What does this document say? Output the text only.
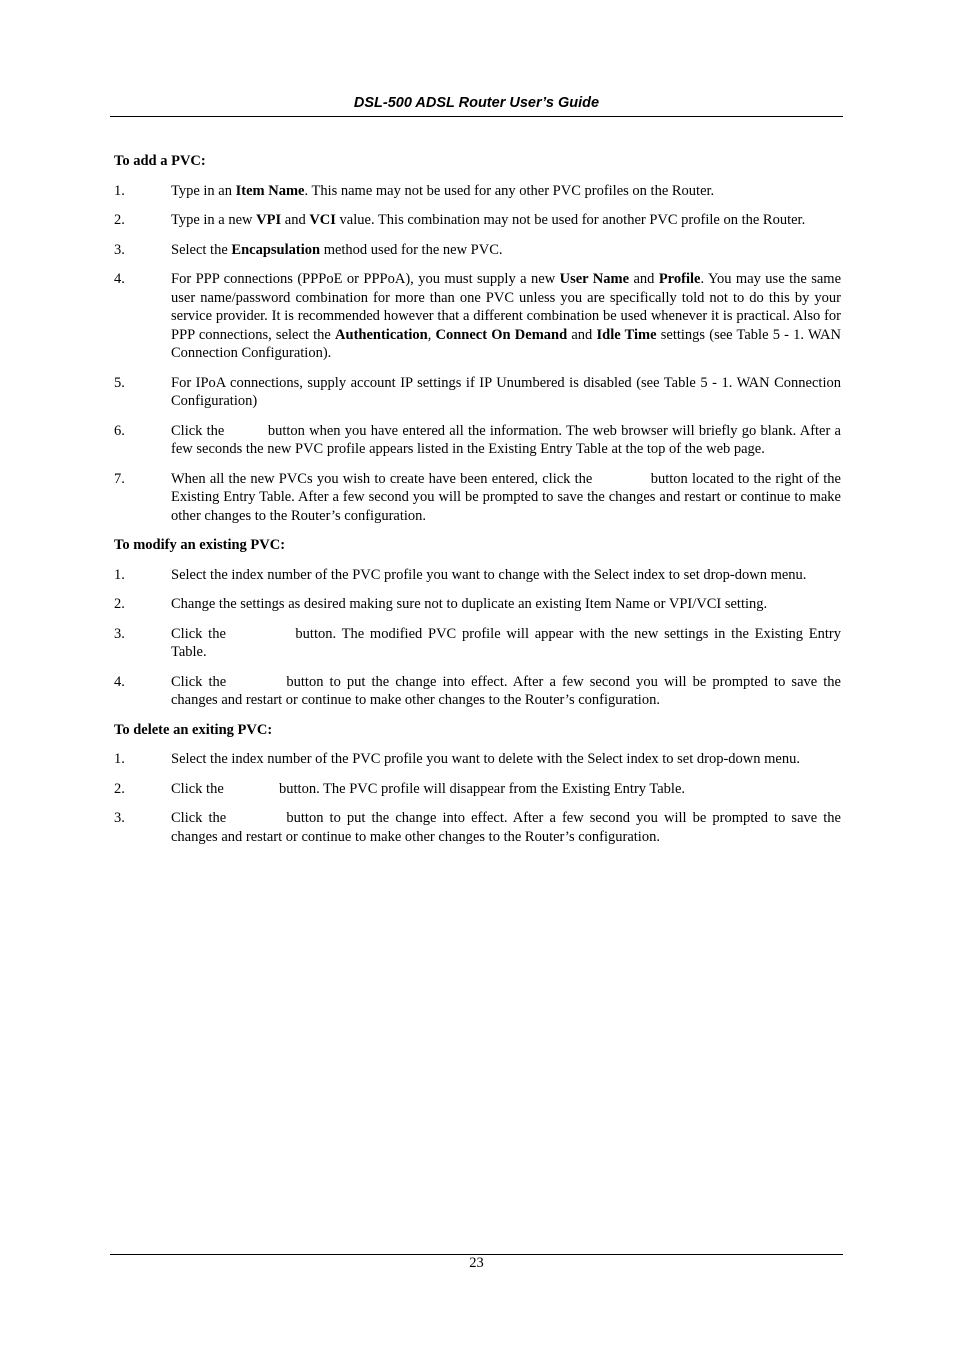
DSL-500 ADSL Router User’s Guide

To add a PVC:

1.	Type in an Item Name. This name may not be used for any other PVC profiles on the Router.
2.	Type in a new VPI and VCI value. This combination may not be used for another PVC profile on the Router.
3.	Select the Encapsulation method used for the new PVC.
4.	For PPP connections (PPPoE or PPPoA), you must supply a new User Name and Profile. You may use the same user name/password combination for more than one PVC unless you are specifically told not to do this by your service provider. It is recommended however that a different combination be used whenever it is practical. Also for PPP connections, select the Authentication, Connect On Demand and Idle Time settings (see Table 5 - 1. WAN Connection Configuration).
5.	For IPoA connections, supply account IP settings if IP Unumbered is disabled (see Table 5 - 1. WAN Connection Configuration)
6.	Click the  button when you have entered all the information. The web browser will briefly go blank. After a few seconds the new PVC profile appears listed in the Existing Entry Table at the top of the web page.
7.	When all the new PVCs you wish to create have been entered, click the	button located to the right of the Existing Entry Table. After a few second you will be prompted to save the changes and restart or continue to make other changes to the Router’s configuration.

To modify an existing PVC:

1.	Select the index number of the PVC profile you want to change with the Select index to set drop-down menu.
2.	Change the settings as desired making sure not to duplicate an existing Item Name or VPI/VCI setting.
3.	Click the	button. The modified PVC profile will appear with the new settings in the Existing Entry Table.
4.	Click the	button to put the change into effect. After a few second you will be prompted to save the changes and restart or continue to make other changes to the Router’s configuration.

To delete an exiting PVC:

1.	Select the index number of the PVC profile you want to delete with the Select index to set drop-down menu.
2.	Click the	button. The PVC profile will disappear from the Existing Entry Table.
3.	Click the	button to put the change into effect. After a few second you will be prompted to save the changes and restart or continue to make other changes to the Router’s configuration.
23
